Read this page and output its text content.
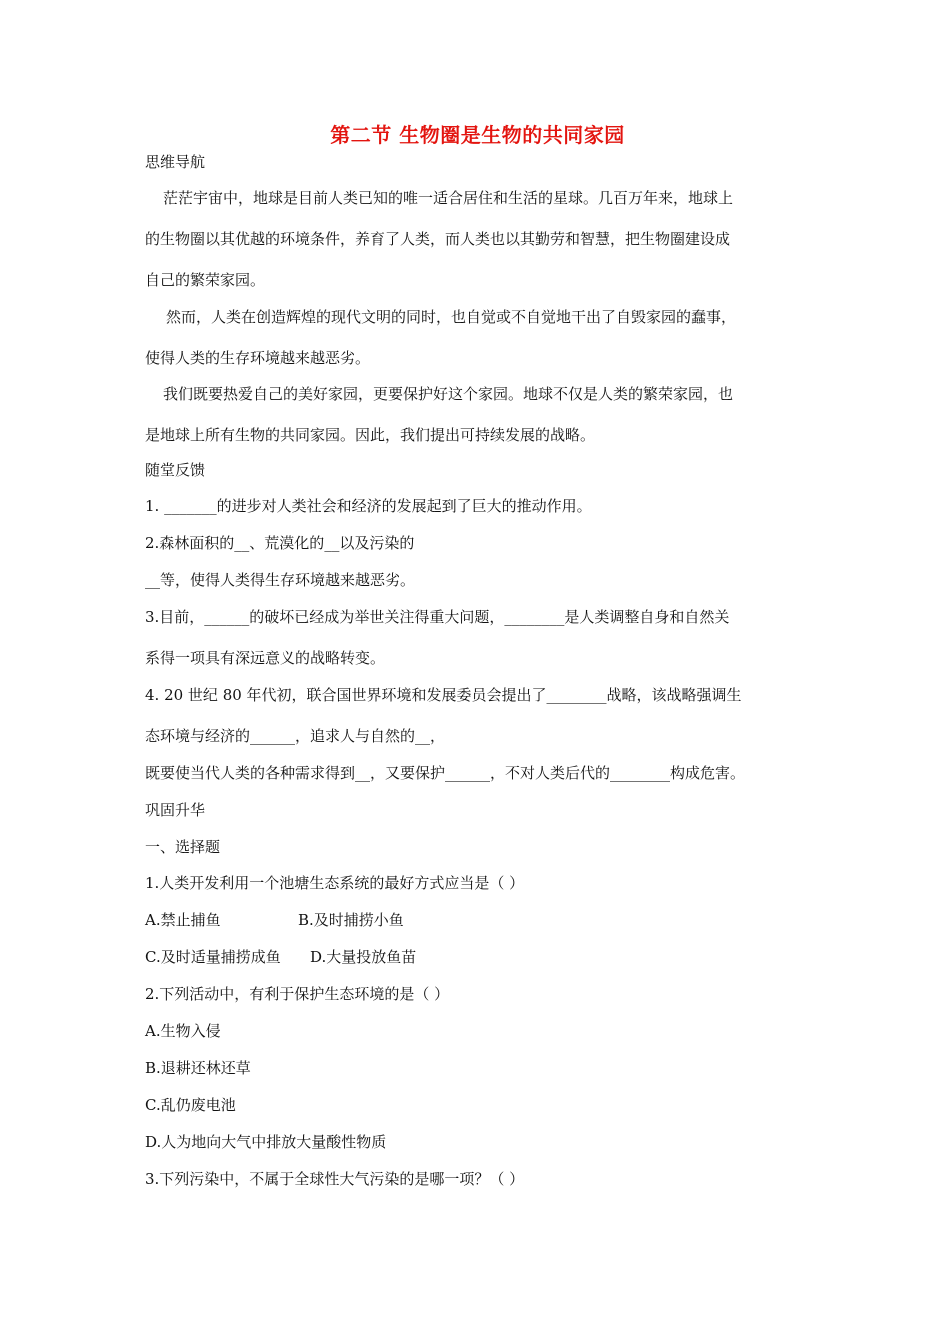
第二节 生物圈是生物的共同家园
思维导航
茫茫宇宙中，地球是目前人类已知的唯一适合居住和生活的星球。几百万年来，地球上
的生物圈以其优越的环境条件，养育了人类，而人类也以其勤劳和智慧，把生物圈建设成
自己的繁荣家园。
然而，人类在创造辉煌的现代文明的同时，也自觉或不自觉地干出了自毁家园的蠢事，
使得人类的生存环境越来越恶劣。
我们既要热爱自己的美好家园，更要保护好这个家园。地球不仅是人类的繁荣家园，也
是地球上所有生物的共同家园。因此，我们提出可持续发展的战略。
随堂反馈
1. _______的进步对人类社会和经济的发展起到了巨大的推动作用。
2.森林面积的__、荒漠化的__以及污染的
__等，使得人类得生存环境越来越恶劣。
3.目前，______的破坏已经成为举世关注得重大问题，________是人类调整自身和自然关
系得一项具有深远意义的战略转变。
4. 20 世纪 80 年代初，联合国世界环境和发展委员会提出了________战略，该战略强调生
态环境与经济的______，追求人与自然的__，
既要使当代人类的各种需求得到__，又要保护______，不对人类后代的________构成危害。
巩固升华
一、选择题
1.人类开发利用一个池塘生态系统的最好方式应当是（ ）
A.禁止捕鱼	B.及时捕捞小鱼
C.及时适量捕捞成鱼 D.大量投放鱼苗
2.下列活动中，有利于保护生态环境的是（ ）
A.生物入侵
B.退耕还林还草
C.乱仍废电池
D.人为地向大气中排放大量酸性物质
3.下列污染中，不属于全球性大气污染的是哪一项？（ ）
